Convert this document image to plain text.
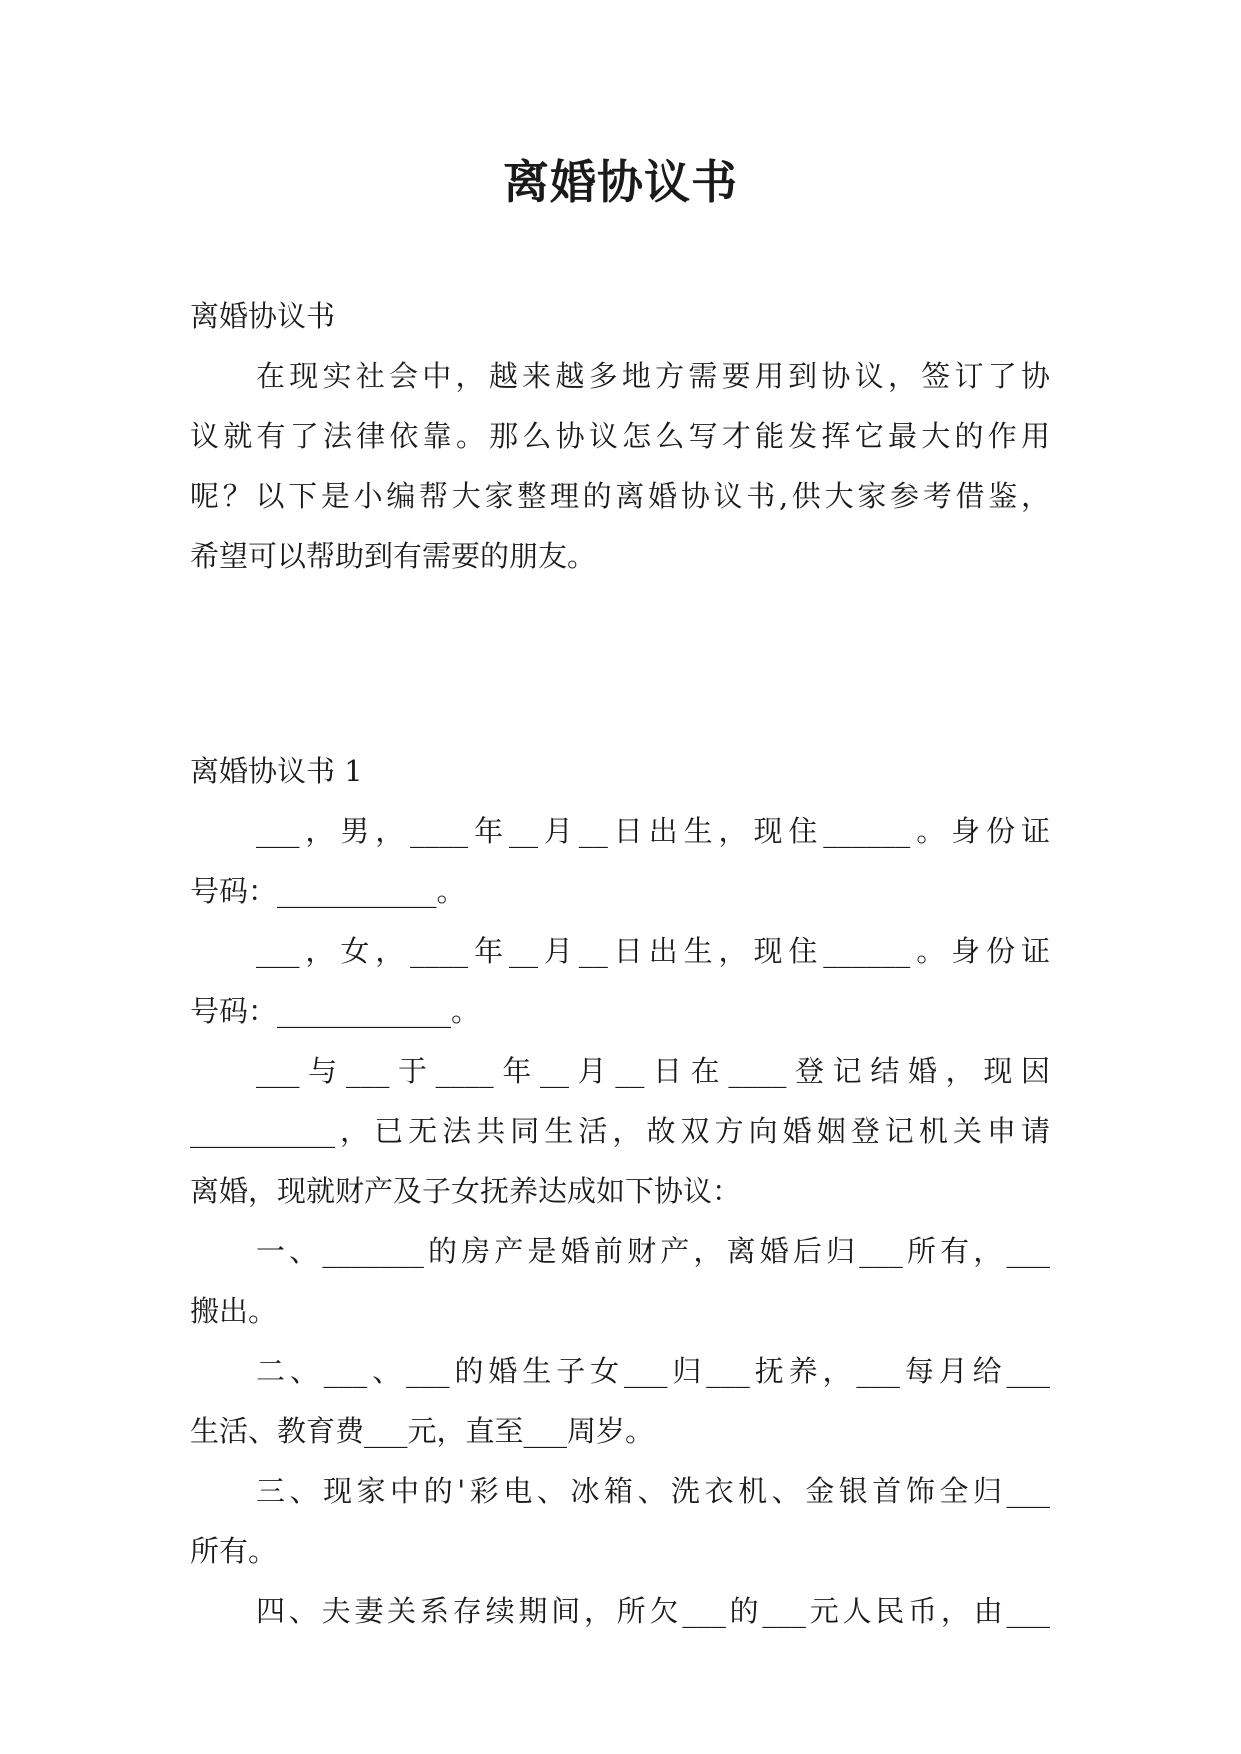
离婚协议书
离婚协议书
在现实社会中，越来越多地方需要用到协议，签订了协
议就有了法律依靠。那么协议怎么写才能发挥它最大的作用
呢？以下是小编帮大家整理的离婚协议书,供大家参考借鉴，
希望可以帮助到有需要的朋友。
离婚协议书 1
___，男，____年__月__日出生，现住______。身份证
号码：___________。
___，女，____年__月__日出生，现住______。身份证
号码：____________。
___与___于____年__月__日在____登记结婚，现因
__________，已无法共同生活，故双方向婚姻登记机关申请
离婚，现就财产及子女抚养达成如下协议：
一、_______的房产是婚前财产，离婚后归___所有，___
搬出。
二、___、___的婚生子女___归___抚养，___每月给___
生活、教育费___元，直至___周岁。
三、现家中的'彩电、冰箱、洗衣机、金银首饰全归___
所有。
四、夫妻关系存续期间，所欠___的___元人民币，由___
